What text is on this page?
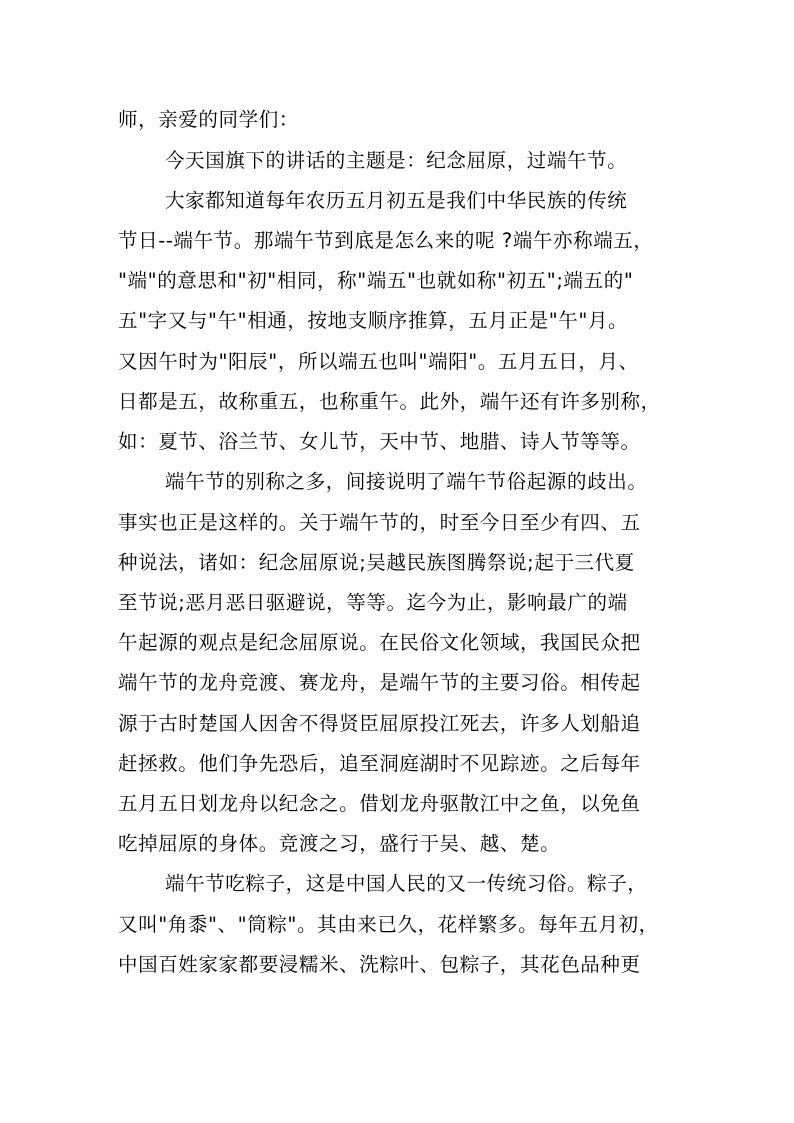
师，亲爱的同学们：
今天国旗下的讲话的主题是：纪念屈原，过端午节。
大家都知道每年农历五月初五是我们中华民族的传统
节日--端午节。那端午节到底是怎么来的呢 ?端午亦称端五，
"端"的意思和"初"相同，称"端五"也就如称"初五";端五的"
五"字又与"午"相通，按地支顺序推算，五月正是"午"月。
又因午时为"阳辰"，所以端五也叫"端阳"。五月五日，月、
日都是五，故称重五，也称重午。此外，端午还有许多别称，
如：夏节、浴兰节、女儿节，天中节、地腊、诗人节等等。
端午节的别称之多，间接说明了端午节俗起源的歧出。
事实也正是这样的。关于端午节的，时至今日至少有四、五
种说法，诸如：纪念屈原说;吴越民族图腾祭说;起于三代夏
至节说;恶月恶日驱避说，等等。迄今为止，影响最广的端
午起源的观点是纪念屈原说。在民俗文化领域，我国民众把
端午节的龙舟竞渡、赛龙舟，是端午节的主要习俗。相传起
源于古时楚国人因舍不得贤臣屈原投江死去，许多人划船追
赶拯救。他们争先恐后，追至洞庭湖时不见踪迹。之后每年
五月五日划龙舟以纪念之。借划龙舟驱散江中之鱼，以免鱼
吃掉屈原的身体。竞渡之习，盛行于吴、越、楚。
端午节吃粽子，这是中国人民的又一传统习俗。粽子，
又叫"角黍"、"筒粽"。其由来已久，花样繁多。每年五月初，
中国百姓家家都要浸糯米、洗粽叶、包粽子，其花色品种更
